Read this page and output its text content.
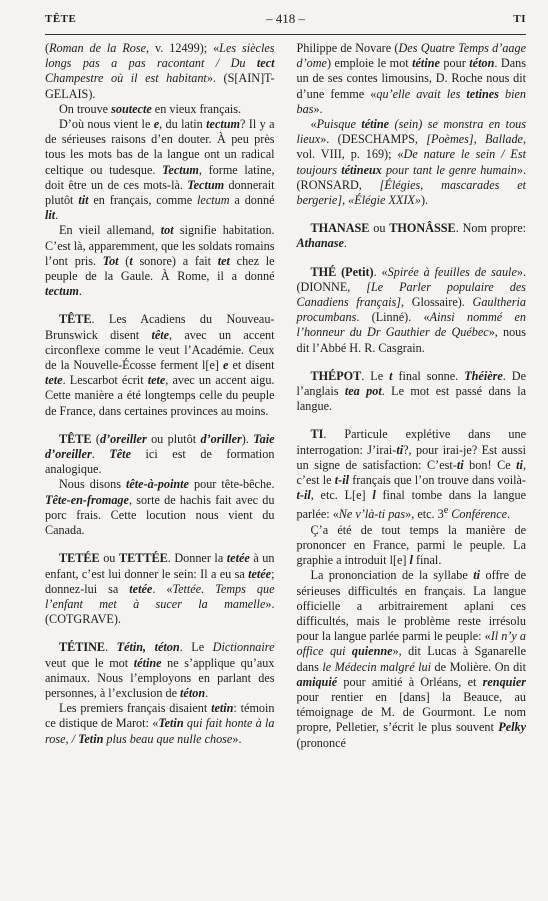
TÊTE	– 418 –	TI

(Roman de la Rose, v. 12499); «Les siècles longs pas a pas racontant / Du tect Champestre où il est habitant». (S[AIN]T-GELAIS).

On trouve soutecte en vieux français.

D’où nous vient le e, du latin tectum? Il y a de sérieuses raisons d’en douter. À peu près tous les mots bas de la langue ont un radical celtique ou tudesque. Tectum, forme latine, doit être un de ces mots-là. Tectum donnerait plutôt tit en français, comme lectum a donné lit.

En vieil allemand, tot signifie habitation. C’est là, apparemment, que les soldats romains l’ont pris. Tot (t sonore) a fait tet chez le peuple de la Gaule. À Rome, il a donné tectum.

TÊTE. Les Acadiens du Nouveau-Brunswick disent tête, avec un accent circonflexe comme le veut l’Académie. Ceux de la Nouvelle-Écosse ferment l[e] e et disent tete. Lescarbot écrit tete, avec un accent aigu. Cette manière a été longtemps celle du peuple de France, dans certaines provinces au moins.

TÊTE (d’oreiller ou plutôt d’oriller). Taie d’oreiller. Tête ici est de formation analogique.

Nous disons tête-à-pointe pour tête-bêche. Tête-en-fromage, sorte de hachis fait avec du porc frais. Cette locution nous vient du Canada.

TETÉE ou TETTÉE. Donner la tetée à un enfant, c’est lui donner le sein: Il a eu sa tetée; donnez-lui sa tetée. «Tettée. Temps que l’enfant met à sucer la mamelle». (COTGRAVE).

TÉTINE. Tétin, téton. Le Dictionnaire veut que le mot tétine ne s’applique qu’aux animaux. Nous l’employons en parlant des personnes, à l’exclusion de téton.

Les premiers français disaient tetin: témoin ce distique de Marot: «Tetin qui fait honte à la rose, / Tetin plus beau que nulle chose».

Philippe de Novare (Des Quatre Temps d’aage d’ome) emploie le mot tétine pour téton. Dans un de ses contes limousins, D. Roche nous dit d’une femme «qu’elle avait les tetines bien bas».

«Puisque tétine (sein) se monstra en tous lieux». (DESCHAMPS, [Poèmes], Ballade, vol. VIII, p. 169); «De nature le sein / Est toujours tétineux pour tant le genre humain». (RONSARD, [Élégies, mascarades et bergerie], «Élégie XXIX»).

THANASE ou THONÂSSE. Nom propre: Athanase.

THÉ (Petit). «Spirée à feuilles de saule». (DIONNE, [Le Parler populaire des Canadiens français], Glossaire). Gaultheria procumbans. (Linné). «Ainsi nommé en l’honneur du Dr Gauthier de Québec», nous dit l’Abbé H. R. Casgrain.

THÉPOT. Le t final sonne. Théière. De l’anglais tea pot. Le mot est passé dans la langue.

TI. Particule explétive dans une interrogation: J’irai-ti?, pour irai-je? Est aussi un signe de satisfaction: C’est-ti bon! Ce ti, c’est le t-il français que l’on trouve dans voilà-t-il, etc. L[e] l final tombe dans la langue parlée: «Ne v’là-ti pas», etc. 3e Conférence.

Ç’a été de tout temps la manière de prononcer en France, parmi le peuple. La graphie a introduit l[e] l final.

La prononciation de la syllabe ti offre de sérieuses difficultés en français. La langue officielle a arbitrairement aplani ces difficultés, mais le problème reste irrésolu pour la langue parlée parmi le peuple: «Il n’y a office qui quienne», dit Lucas à Sganarelle dans le Médecin malgré lui de Molière. On dit amiquié pour amitié à Orléans, et renquier pour rentier en [dans] la Beauce, au témoignage de M. de Gourmont. Le nom propre, Pelletier, s’écrit le plus souvent Pelky (prononcé
